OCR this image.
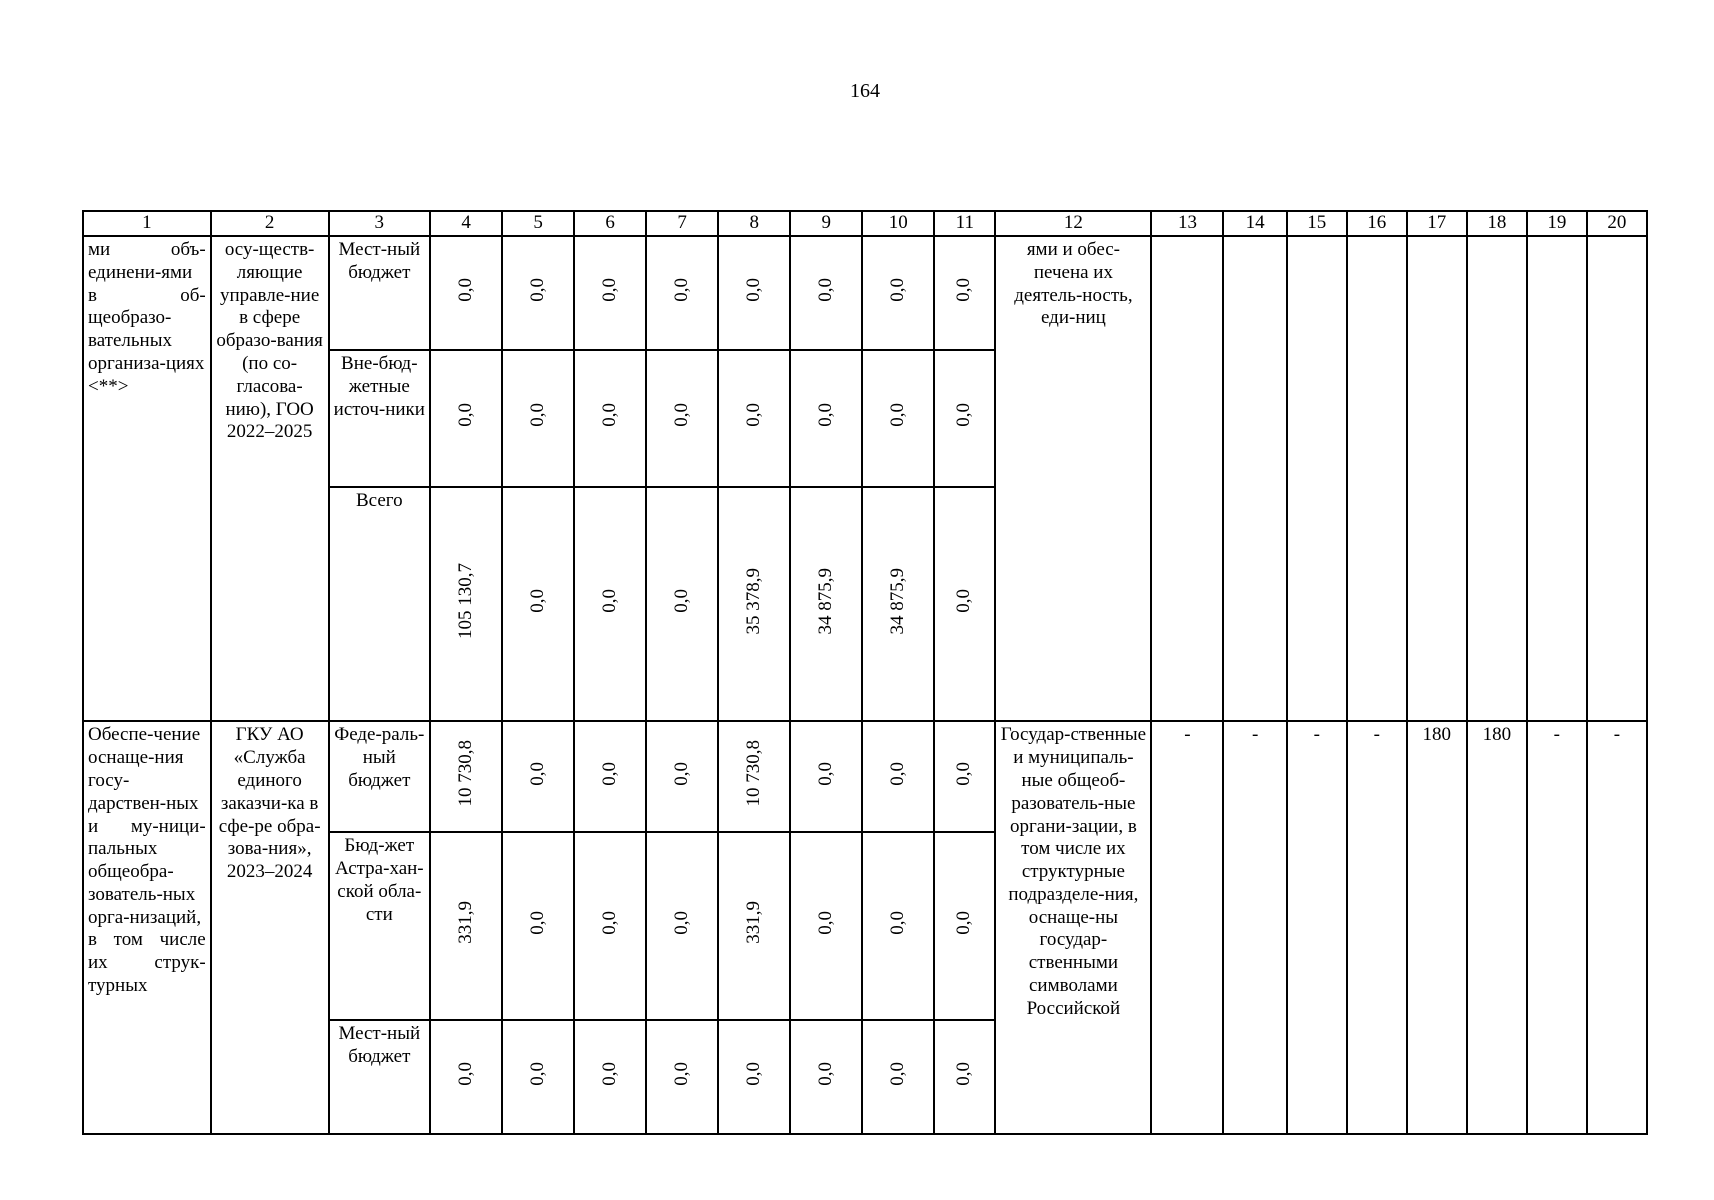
164
1	2	3	4	5	6	7	8	9	10	11	12	13	14	15	16	17	18	19	20
ми объ-единени-ями в об-щеобразо-вательных организа-циях <**>	осу-ществ-ляющие управле-ние в сфере образо-вания (по со-гласова-нию), ГОО 2022–2025	Мест-ный бюджет	0,0	0,0	0,0	0,0	0,0	0,0	0,0	0,0	ями и обес-печена их деятель-ность, еди-ниц								
		Вне-бюд-жетные источ-ники	0,0	0,0	0,0	0,0	0,0	0,0	0,0	0,0									
		Всего	105 130,7	0,0	0,0	0,0	35 378,9	34 875,9	34 875,9	0,0									
Обеспе-чение оснаще-ния госу-дарствен-ных и му-ници-пальных общеобра-зователь-ных орга-низаций, в том числе их струк-турных	ГКУ АО «Служба единого заказчи-ка в сфе-ре обра-зова-ния», 2023–2024	Феде-раль-ный бюджет	10 730,8	0,0	0,0	0,0	10 730,8	0,0	0,0	0,0	Государ-ственные и муниципаль-ные общеоб-разователь-ные органи-зации, в том числе их структурные подразделе-ния, оснаще-ны государ-ственными символами Российской	-	-	-	-	180	180	-	-
		Бюд-жет Астра-хан-ской обла-сти	331,9	0,0	0,0	0,0	331,9	0,0	0,0	0,0									
		Мест-ный бюджет	0,0	0,0	0,0	0,0	0,0	0,0	0,0	0,0									
